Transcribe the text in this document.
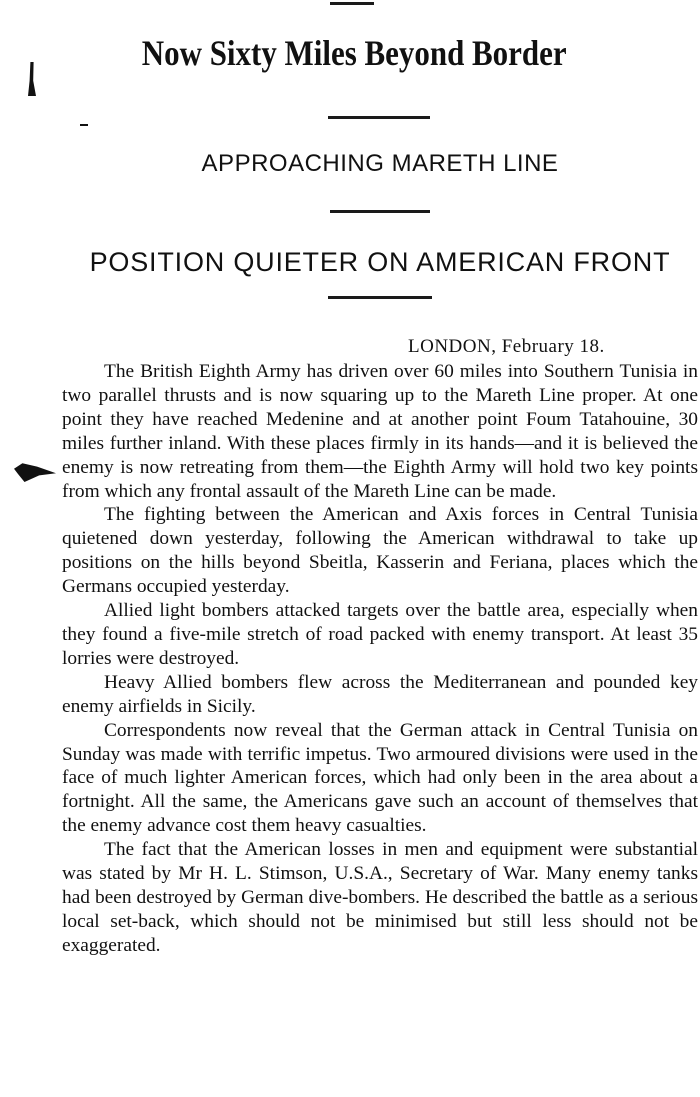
Now Sixty Miles Beyond Border
APPROACHING MARETH LINE
POSITION QUIETER ON AMERICAN FRONT
LONDON, February 18.

The British Eighth Army has driven over 60 miles into Southern Tunisia in two parallel thrusts and is now squaring up to the Mareth Line proper. At one point they have reached Medenine and at another point Foum Tatahouine, 30 miles further inland. With these places firmly in its hands—and it is believed the enemy is now retreating from them—the Eighth Army will hold two key points from which any frontal assault of the Mareth Line can be made.

The fighting between the American and Axis forces in Central Tunisia quietened down yesterday, following the American withdrawal to take up positions on the hills beyond Sbeitla, Kasserin and Feriana, places which the Germans occupied yesterday.

Allied light bombers attacked targets over the battle area, especially when they found a five-mile stretch of road packed with enemy transport. At least 35 lorries were destroyed.

Heavy Allied bombers flew across the Mediterranean and pounded key enemy airfields in Sicily.

Correspondents now reveal that the German attack in Central Tunisia on Sunday was made with terrific impetus. Two armoured divisions were used in the face of much lighter American forces, which had only been in the area about a fortnight. All the same, the Americans gave such an account of themselves that the enemy advance cost them heavy casualties.

The fact that the American losses in men and equipment were substantial was stated by Mr H. L. Stimson, U.S.A., Secretary of War. Many enemy tanks had been destroyed by German dive-bombers. He described the battle as a serious local set-back, which should not be minimised but still less should not be exaggerated.
